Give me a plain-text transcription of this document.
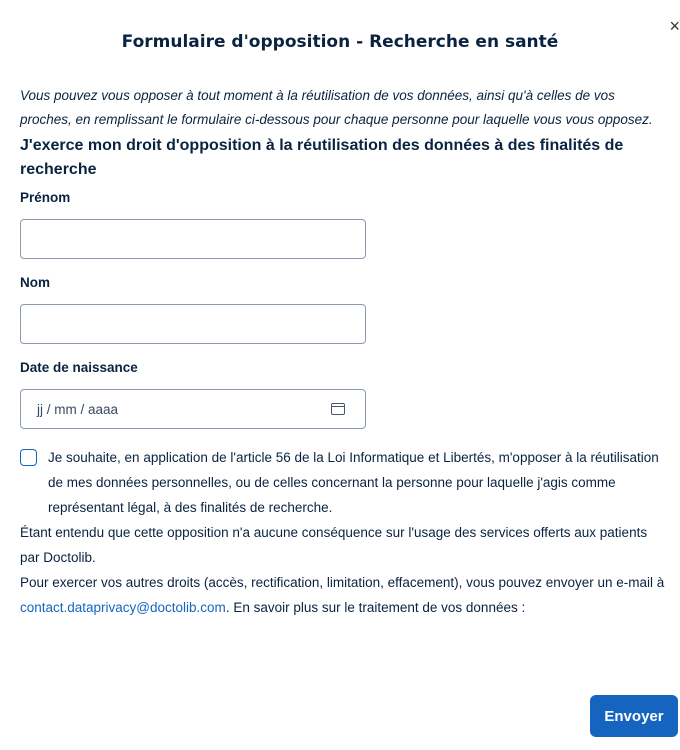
×
Formulaire d'opposition - Recherche en santé

Vous pouvez vous opposer à tout moment à la réutilisation de vos données, ainsi qu'à celles de vos proches, en remplissant le formulaire ci-dessous pour chaque personne pour laquelle vous vous opposez.

J'exerce mon droit d'opposition à la réutilisation des données à des finalités de recherche
Prénom
Nom
Date de naissance
jj / mm / aaaa
Je souhaite, en application de l'article 56 de la Loi Informatique et Libertés, m'opposer à la réutilisation de mes données personnelles, ou de celles concernant la personne pour laquelle j'agis comme représentant légal, à des finalités de recherche.

Étant entendu que cette opposition n'a aucune conséquence sur l'usage des services offerts aux patients par Doctolib.

Pour exercer vos autres droits (accès, rectification, limitation, effacement), vous pouvez envoyer un e-mail à contact.dataprivacy@doctolib.com. En savoir plus sur le traitement de vos données :

Envoyer
